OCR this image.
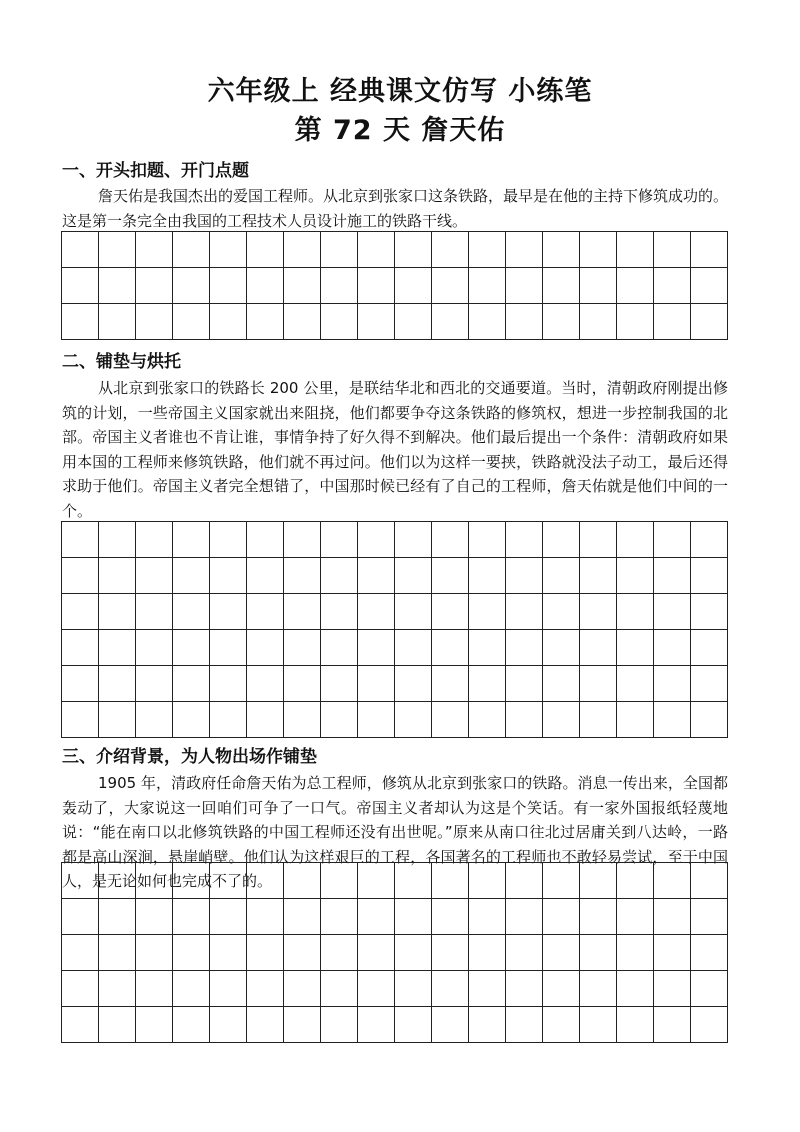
六年级上 经典课文仿写 小练笔
第 72 天 詹天佑
一、开头扣题、开门点题
詹天佑是我国杰出的爱国工程师。从北京到张家口这条铁路，最早是在他的主持下修筑成功的。这是第一条完全由我国的工程技术人员设计施工的铁路干线。

二、铺垫与烘托
从北京到张家口的铁路长 200 公里，是联结华北和西北的交通要道。当时，清朝政府刚提出修筑的计划，一些帝国主义国家就出来阻挠，他们都要争夺这条铁路的修筑权，想进一步控制我国的北部。帝国主义者谁也不肯让谁，事情争持了好久得不到解决。他们最后提出一个条件：清朝政府如果用本国的工程师来修筑铁路，他们就不再过问。他们以为这样一要挟，铁路就没法子动工，最后还得求助于他们。帝国主义者完全想错了，中国那时候已经有了自己的工程师，詹天佑就是他们中间的一个。

三、介绍背景，为人物出场作铺垫
1905 年，清政府任命詹天佑为总工程师，修筑从北京到张家口的铁路。消息一传出来，全国都轰动了，大家说这一回咱们可争了一口气。帝国主义者却认为这是个笑话。有一家外国报纸轻蔑地说：“能在南口以北修筑铁路的中国工程师还没有出世呢。”原来从南口往北过居庸关到八达岭，一路都是高山深涧，悬崖峭壁。他们认为这样艰巨的工程，各国著名的工程师也不敢轻易尝试，至于中国人，是无论如何也完成不了的。
